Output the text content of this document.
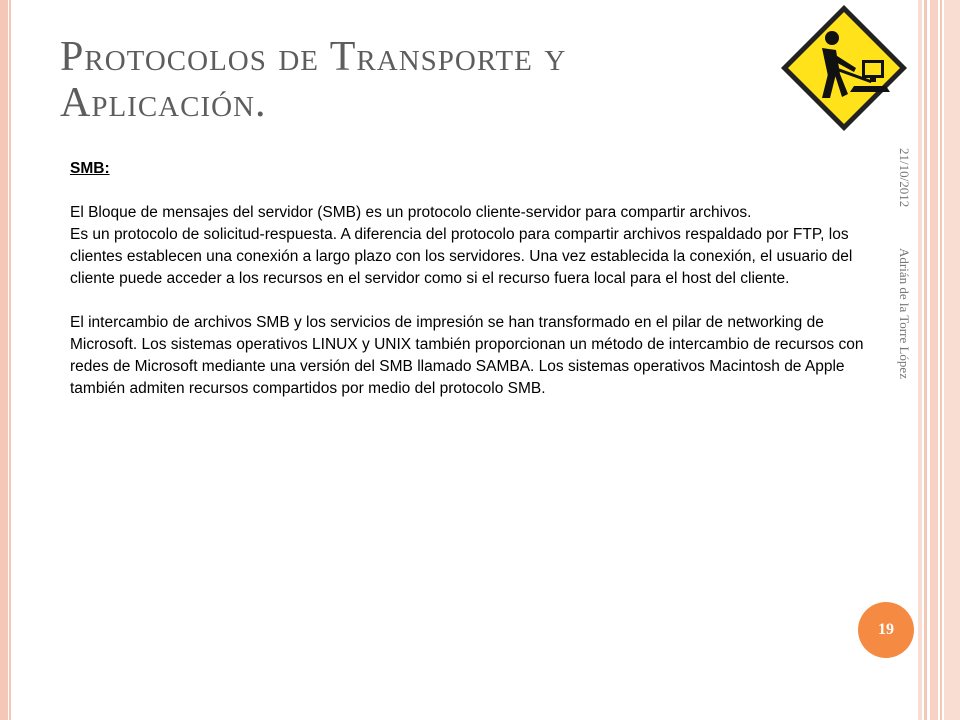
Protocolos de Transporte y
Aplicación.
21/10/2012 Adrián de la Torre López

SMB:

El Bloque de mensajes del servidor (SMB) es un protocolo cliente-servidor para compartir archivos.

Es un protocolo de solicitud-respuesta. A diferencia del protocolo para compartir archivos respaldado por FTP, los clientes establecen una conexión a largo plazo con los servidores. Una vez establecida la conexión, el usuario del cliente puede acceder a los recursos en el servidor como si el recurso fuera local para el host del cliente.

El intercambio de archivos SMB y los servicios de impresión se han transformado en el pilar de networking de Microsoft. Los sistemas operativos LINUX y UNIX también proporcionan un método de intercambio de recursos con redes de Microsoft mediante una versión del SMB llamado SAMBA. Los sistemas operativos Macintosh de Apple también admiten recursos compartidos por medio del protocolo SMB.

19
